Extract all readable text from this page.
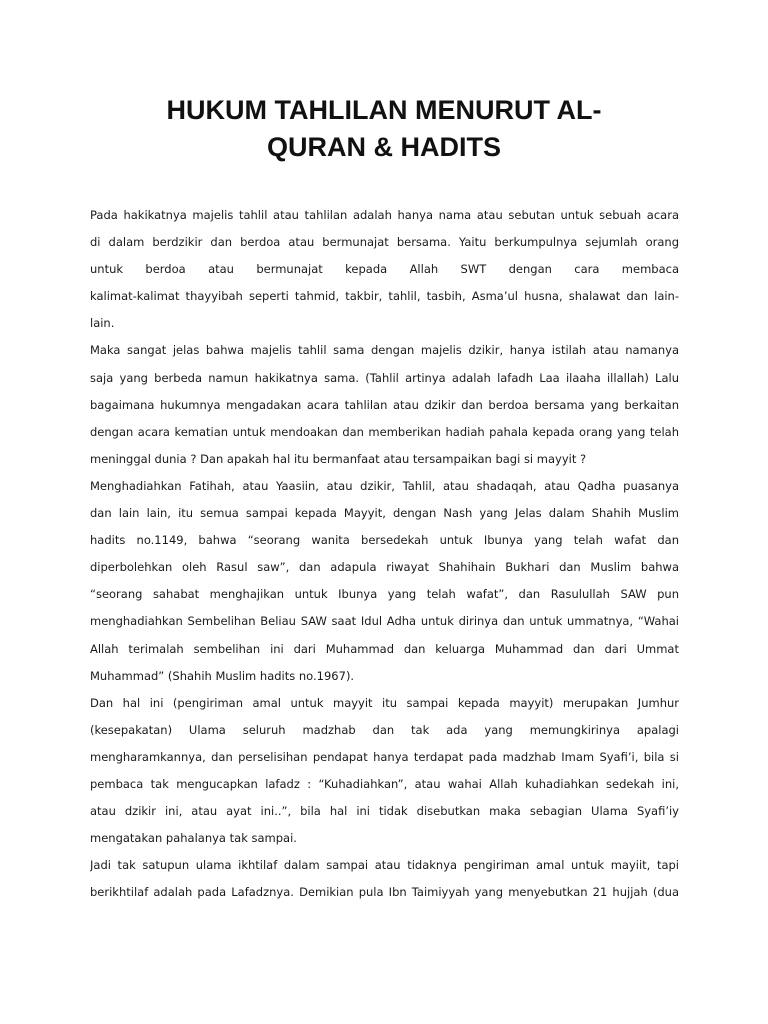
HUKUM TAHLILAN MENURUT AL-
QURAN & HADITS
Pada hakikatnya majelis tahlil atau tahlilan adalah hanya nama atau sebutan untuk sebuah acara
di dalam berdzikir dan berdoa atau bermunajat bersama. Yaitu berkumpulnya sejumlah orang
untuk berdoa atau bermunajat kepada Allah SWT dengan cara membaca
kalimat-kalimat thayyibah seperti tahmid, takbir, tahlil, tasbih, Asma’ul husna, shalawat dan lain-
lain.
Maka sangat jelas bahwa majelis tahlil sama dengan majelis dzikir, hanya istilah atau namanya
saja yang berbeda namun hakikatnya sama. (Tahlil artinya adalah lafadh Laa ilaaha illallah) Lalu
bagaimana hukumnya mengadakan acara tahlilan atau dzikir dan berdoa bersama yang berkaitan
dengan acara kematian untuk mendoakan dan memberikan hadiah pahala kepada orang yang telah
meninggal dunia ? Dan apakah hal itu bermanfaat atau tersampaikan bagi si mayyit ?
Menghadiahkan Fatihah, atau Yaasiin, atau dzikir, Tahlil, atau shadaqah, atau Qadha puasanya
dan lain lain, itu semua sampai kepada Mayyit, dengan Nash yang Jelas dalam Shahih Muslim
hadits no.1149, bahwa “seorang wanita bersedekah untuk Ibunya yang telah wafat dan
diperbolehkan oleh Rasul saw”, dan adapula riwayat Shahihain Bukhari dan Muslim bahwa
“seorang sahabat menghajikan untuk Ibunya yang telah wafat”, dan Rasulullah SAW pun
menghadiahkan Sembelihan Beliau SAW saat Idul Adha untuk dirinya dan untuk ummatnya, “Wahai
Allah terimalah sembelihan ini dari Muhammad dan keluarga Muhammad dan dari Ummat
Muhammad” (Shahih Muslim hadits no.1967).
Dan hal ini (pengiriman amal untuk mayyit itu sampai kepada mayyit) merupakan Jumhur
(kesepakatan) Ulama seluruh madzhab dan tak ada yang memungkirinya apalagi
mengharamkannya, dan perselisihan pendapat hanya terdapat pada madzhab Imam Syafi’i, bila si
pembaca tak mengucapkan lafadz : “Kuhadiahkan”, atau wahai Allah kuhadiahkan sedekah ini,
atau dzikir ini, atau ayat ini..”, bila hal ini tidak disebutkan maka sebagian Ulama Syafi’iy
mengatakan pahalanya tak sampai.
Jadi tak satupun ulama ikhtilaf dalam sampai atau tidaknya pengiriman amal untuk mayiit, tapi
berikhtilaf adalah pada Lafadznya. Demikian pula Ibn Taimiyyah yang menyebutkan 21 hujjah (dua
